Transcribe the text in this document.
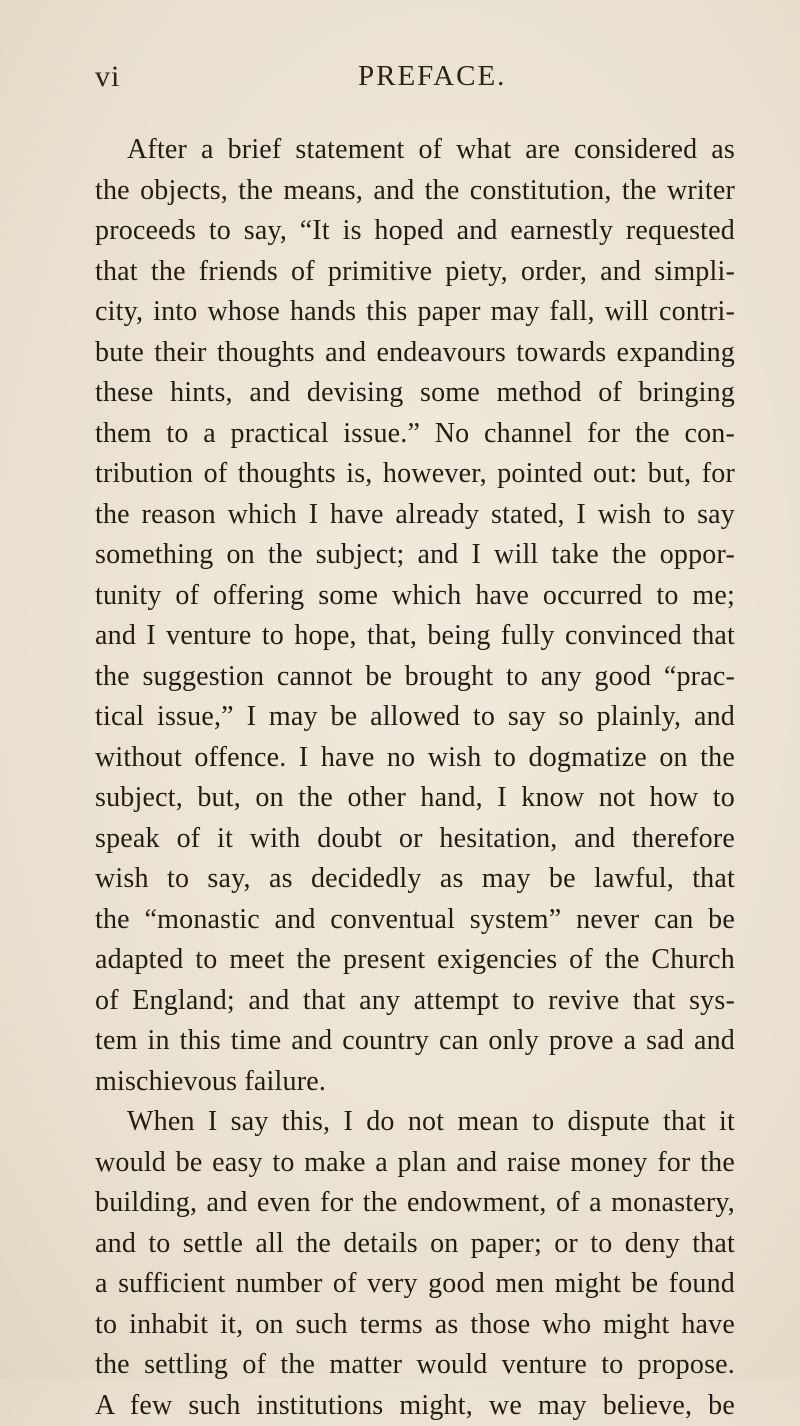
vi	PREFACE.
After a brief statement of what are considered as
the objects, the means, and the constitution, the writer
proceeds to say, “It is hoped and earnestly requested
that the friends of primitive piety, order, and simpli-
city, into whose hands this paper may fall, will contri-
bute their thoughts and endeavours towards expanding
these hints, and devising some method of bringing
them to a practical issue.” No channel for the con-
tribution of thoughts is, however, pointed out: but, for
the reason which I have already stated, I wish to say
something on the subject; and I will take the oppor-
tunity of offering some which have occurred to me;
and I venture to hope, that, being fully convinced that
the suggestion cannot be brought to any good “prac-
tical issue,” I may be allowed to say so plainly, and
without offence. I have no wish to dogmatize on the
subject, but, on the other hand, I know not how to
speak of it with doubt or hesitation, and therefore
wish to say, as decidedly as may be lawful, that
the “monastic and conventual system” never can be
adapted to meet the present exigencies of the Church
of England; and that any attempt to revive that sys-
tem in this time and country can only prove a sad and
mischievous failure.
When I say this, I do not mean to dispute that it
would be easy to make a plan and raise money for the
building, and even for the endowment, of a monastery,
and to settle all the details on paper; or to deny that
a sufficient number of very good men might be found
to inhabit it, on such terms as those who might have
the settling of the matter would venture to propose.
A few such institutions might, we may believe, be
